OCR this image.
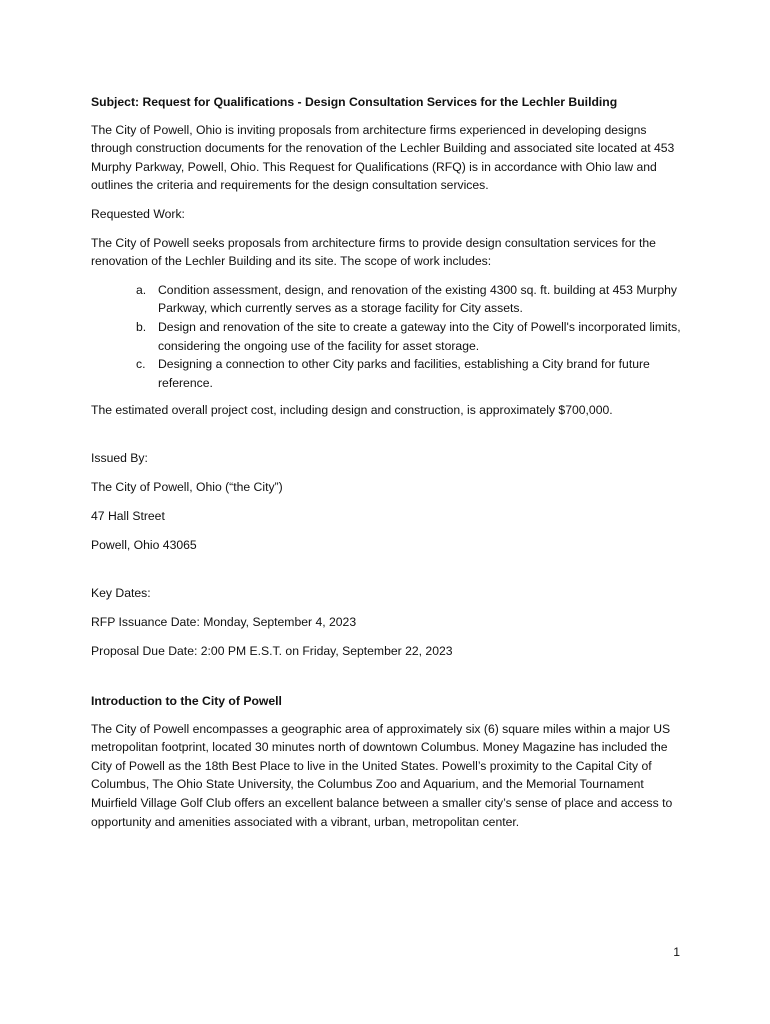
Subject: Request for Qualifications - Design Consultation Services for the Lechler Building

The City of Powell, Ohio is inviting proposals from architecture firms experienced in developing designs through construction documents for the renovation of the Lechler Building and associated site located at 453 Murphy Parkway, Powell, Ohio. This Request for Qualifications (RFQ) is in accordance with Ohio law and outlines the criteria and requirements for the design consultation services.

Requested Work:

The City of Powell seeks proposals from architecture firms to provide design consultation services for the renovation of the Lechler Building and its site. The scope of work includes:

a. Condition assessment, design, and renovation of the existing 4300 sq. ft. building at 453 Murphy Parkway, which currently serves as a storage facility for City assets.
b. Design and renovation of the site to create a gateway into the City of Powell's incorporated limits, considering the ongoing use of the facility for asset storage.
c. Designing a connection to other City parks and facilities, establishing a City brand for future reference.

The estimated overall project cost, including design and construction, is approximately $700,000.

Issued By:

The City of Powell, Ohio (“the City”)

47 Hall Street

Powell, Ohio 43065

Key Dates:

RFP Issuance Date: Monday, September 4, 2023

Proposal Due Date: 2:00 PM E.S.T. on Friday, September 22, 2023

Introduction to the City of Powell

The City of Powell encompasses a geographic area of approximately six (6) square miles within a major US metropolitan footprint, located 30 minutes north of downtown Columbus. Money Magazine has included the City of Powell as the 18th Best Place to live in the United States. Powell’s proximity to the Capital City of Columbus, The Ohio State University, the Columbus Zoo and Aquarium, and the Memorial Tournament Muirfield Village Golf Club offers an excellent balance between a smaller city’s sense of place and access to opportunity and amenities associated with a vibrant, urban, metropolitan center.

1
